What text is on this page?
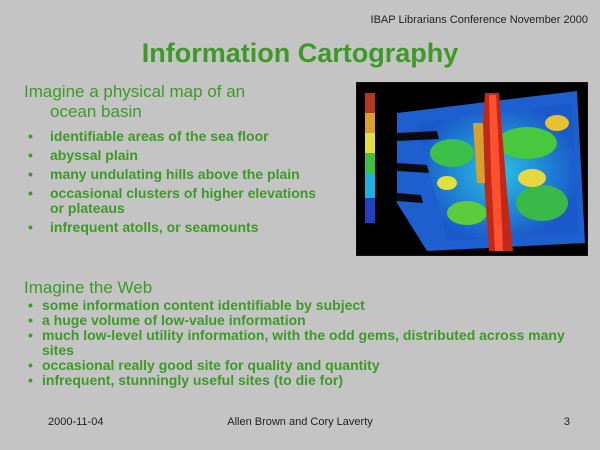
IBAP Librarians Conference November 2000
Information Cartography
Imagine a physical map of an
ocean basin
• identifiable areas of the sea floor
• abyssal plain
• many undulating hills above the plain
• occasional clusters of higher elevations or plateaus
• infrequent atolls, or seamounts
Imagine the Web
• some information content identifiable by subject
• a huge volume of low-value information
• much low-level utility information, with the odd gems, distributed across many sites
• occasional really good site for quality and quantity
• infrequent, stunningly useful sites (to die for)
2000-11-04	Allen Brown and Cory Laverty	3
